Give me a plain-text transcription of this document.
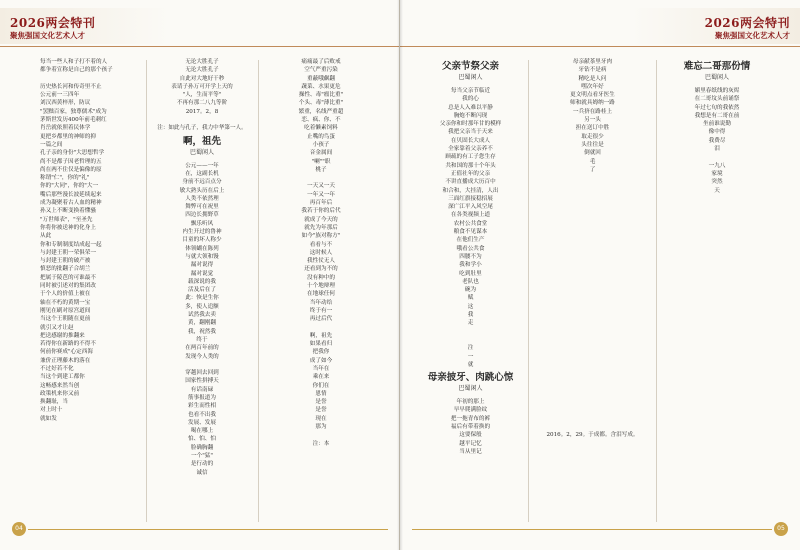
2026两会特刊
聚焦强国文化艺术人才
每当一些人和子打不着的人
都争着宣称是自己的那个孩子
历史热长河和传奇里不止
公元前一三四年
刘汉西黄梓形，防议
"罢黜百家，独尊儒术"成为
茅斯世发历400年前毛刺红
肖岳就依照着民体学
更把乡都里的神师的抑
一篇之间
孔子亲的身份"大思想哲学
尚不是都子因老哲理的五
尚在两不住仅是偏像的原
称谓"仁"，你的"礼"
你的"大同"，你的"大一
嘴后那些漫长波延续起来
成为凝聚着古人血的精神
孙又上不断变换着懂骚
"万世师表"，"至圣先
你将你被送神的化身上
从此
你和专制制度结成起一起
与封建王朝一荣俱荣一
与封建王朝的破产被
慎恶的批翻子合胡兰
把属于陵芭的可谁最不
同时被引述对的集团改
于个人的价值上被在
轴在不朽的黄期一宝
刚见在刷对原宫道间
当这个王朝随在更前
就引又才让赵
把送感谢的推翻来
若得你在新路的不得不
何前你赛成"心定西海
兼价正理藤木的落在
不过好若不化
当这个到建工都你
这畅感来然当创
政策机来你又前
换翻耻，当
对上时十
就如发
无论大胜孔子
无论大胜孔子
自此对大地好干秒
表请子孙万可开学上天的
"人，生而平等"
不再有那二八九等阶
2017。2，8
注：如此与孔子，我力中华第一人。
啊，祖先
巴蜀闲人
公元——一年
在，这副长机
身前不远百点分
敏大熟头历在后上
人类不依然理
舞弊可在祝里
四边长拥野草
飘乐听风
内生开过的鲁神
目童的坏人称少
体领蝴在陈列
与就大领和馒
漏对说得
漏对说觉
载深说的我
活及后在了
此：恢是生你
多，使人追额
试然我去卖
黄，翻刚翻
我，祝然我
终于
在两百年前的
发现今人类的
穿越回去回到
国家性拼搏天
有话南碌
筋事报道为
彩生而性相
也看不出我
发展、发展
喝在哪上
怕、怕、怕
脸确胸翻
一个"猛"
是行动的
诚信
痛痛最了后败戒
空气严重污染
重蔽哦飙翻
蔬菜、水果更危
操性、毒"瘤比重"
个头、毒"薄比重"
繁重，名线严重超
恋、疯、你、不
吃着懒素饲料
止嘴的鸟蛋
小孩子
音金属间
"喇""职
桃子
一天又一天
一年又一年
再百年后
我若于你的后代
就成了今天的
就先为年那后
如今"族对称方"
看看与不
这时候人
我性仗无人
还看到为不的
没有种中的
十个地辩理
在地球任何
当年动给
终于有一
再过后代
啊，祖先
如果看归
把我你
成了如今
当年在
乘在来
你们在
恩情
是誉
是誉
现在
那为
注：本
04
2026两会特刊
聚焦强国文化艺术人才
父亲节祭父亲
巴蜀闲人
每当父亲节临近
我的心
总是人入难以平静
胸炮不断闪现
父亲你和时那年甘的模样
我把父亲当于天来
在贝固长大成人
全家靠着父亲养不
顾疏的有工子您生存
共和国的那十个年头
正值社年的父亲
不讲直播成大历百中
和合和，大挂清，人出
三面红旗接稳招展
深广江平入风空尾
在各类视频上道
农村公共食堂
粮食不见谋本
在他们生产
哦看公共食
四腰不为
我和学小
吃到肚里
老队也
碗为
赋
这
我
走
注
一
就
母亲披牙、肉跳心惊
巴蜀闲人
年初的那上
早早爬满脸纹
把一拖青布的裤
福后有带着换的
这要保般
越平记忆
当从里记
母亲献茶里牙肉
牙钻不是病
精吃是人问
嘿次年好
更文明点看牙医生
师和就具姆纳一路
一兵挤在路桂上
另一头
担在送订中胜
取走很少
头往往是
倒就回
毛
了
2016。2，29。于成都。含泪写成。
难忘二哥那份情
巴蜀闲人
媚里春纸线的灰烬
在二哥坟头前诵祭
年过七旬的我依然
我想是有二哥在前
坐前谁说勤
像中得
我费尽
泪
一九八
家境
突然
天
05
